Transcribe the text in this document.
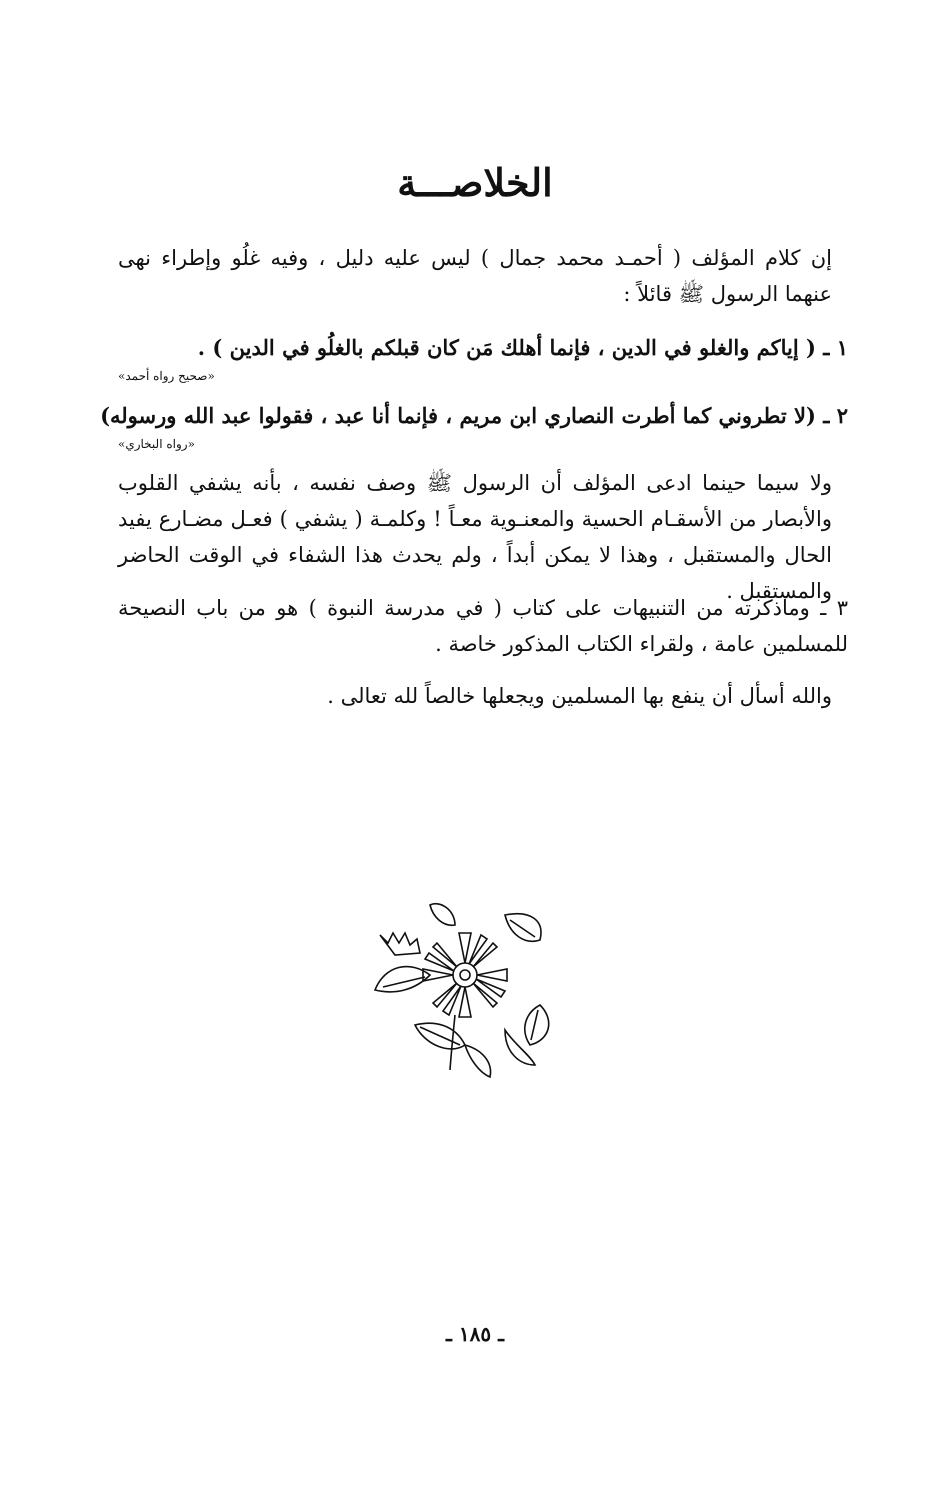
الخلاصـــة
إن كلام المؤلف ( أحمـد محمد جمال ) ليس عليه دليل ، وفيه غلُو وإطراء نهى عنهما الرسول ﷺ قائلاً :
١ ـ ( إياكم والغلو في الدين ، فإنما أهلك مَن كان قبلكم بالغلُو في الدين ) .
«صحيح رواه أحمد»
٢ ـ (لا تطروني كما أطرت النصاري ابن مريم ، فإنما أنا عبد ، فقولوا عبد الله ورسوله)
«رواه البخاري»
ولا سيما حينما ادعى المؤلف أن الرسول ﷺ وصف نفسه ، بأنه يشفي القلوب والأبصار من الأسقـام الحسية والمعنـوية معـاً ! وكلمـة ( يشفي ) فعـل مضـارع يفيد الحال والمستقبل ، وهذا لا يمكن أبداً ، ولم يحدث هذا الشفاء في الوقت الحاضر والمستقبل .
٣ ـ وماذكرته من التنبيهات على كتاب ( في مدرسة النبوة ) هو من باب النصيحة للمسلمين عامة ، ولقراء الكتاب المذكور خاصة .
والله أسأل أن ينفع بها المسلمين ويجعلها خالصاً لله تعالى .
ـ ١٨٥ ـ
